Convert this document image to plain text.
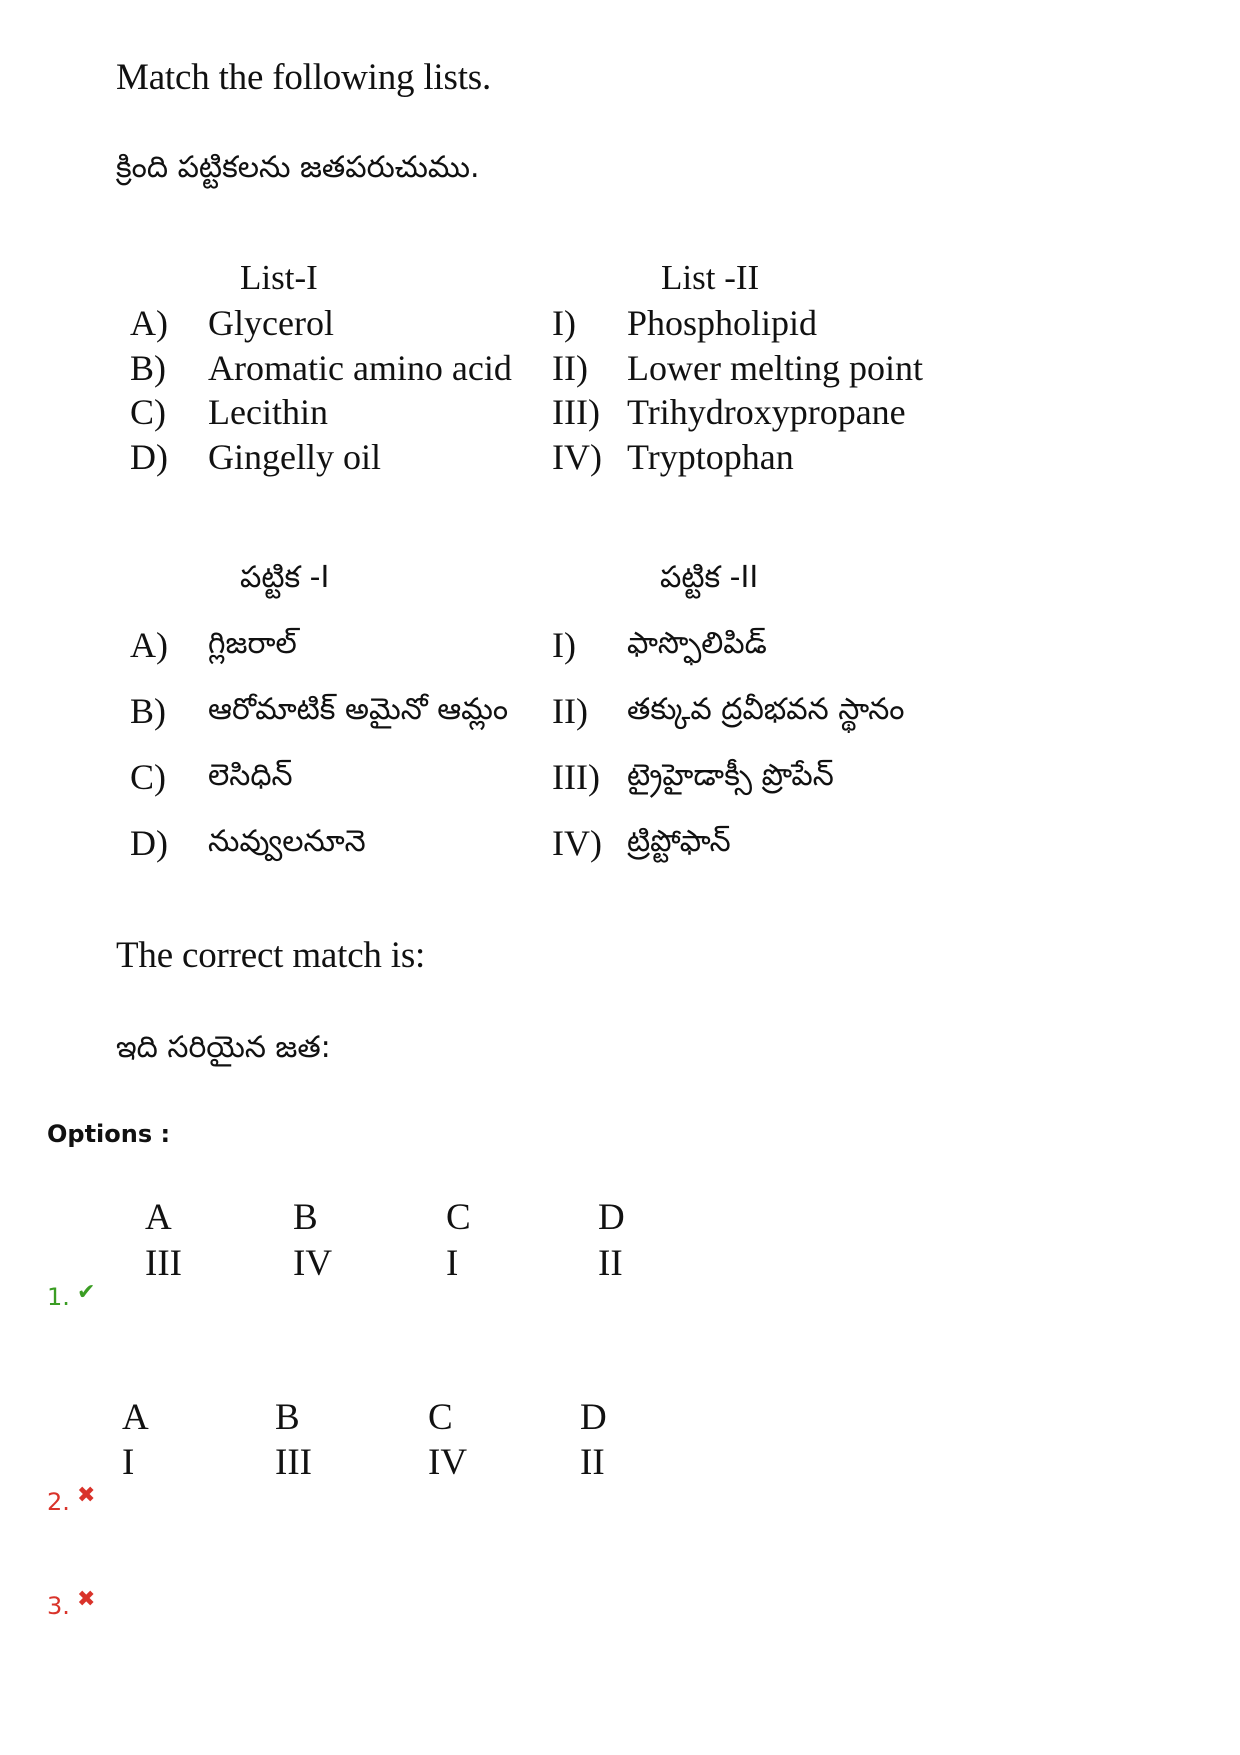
Match the following lists.
క్రింది పట్టికలను జతపరుచుము.
List-I	List -II
A) Glycerol	I) Phospholipid
B) Aromatic amino acid II) Lower melting point
C) Lecithin	III) Trihydroxypropane
D) Gingelly oil	IV) Tryptophan
పట్టిక -I	పట్టిక -II
A) గ్లిజరాల్	I) ఫాస్ఫొలిపిడ్
B) ఆరోమాటిక్ అమైనో ఆమ్లం II) తక్కువ ద్రవీభవన స్థానం
C) లెసిధిన్	III) ట్రైహైడాక్సీ ప్రొపేన్
D) నువ్వులనూనె	IV) ట్రిప్టోఫాన్
The correct match is:
ఇది సరియైన జత:
Options :
A	B	C	D
III	IV	I	II
1. ✔
A	B	C	D
I	III	IV	II
2. ✖
3. ✖
